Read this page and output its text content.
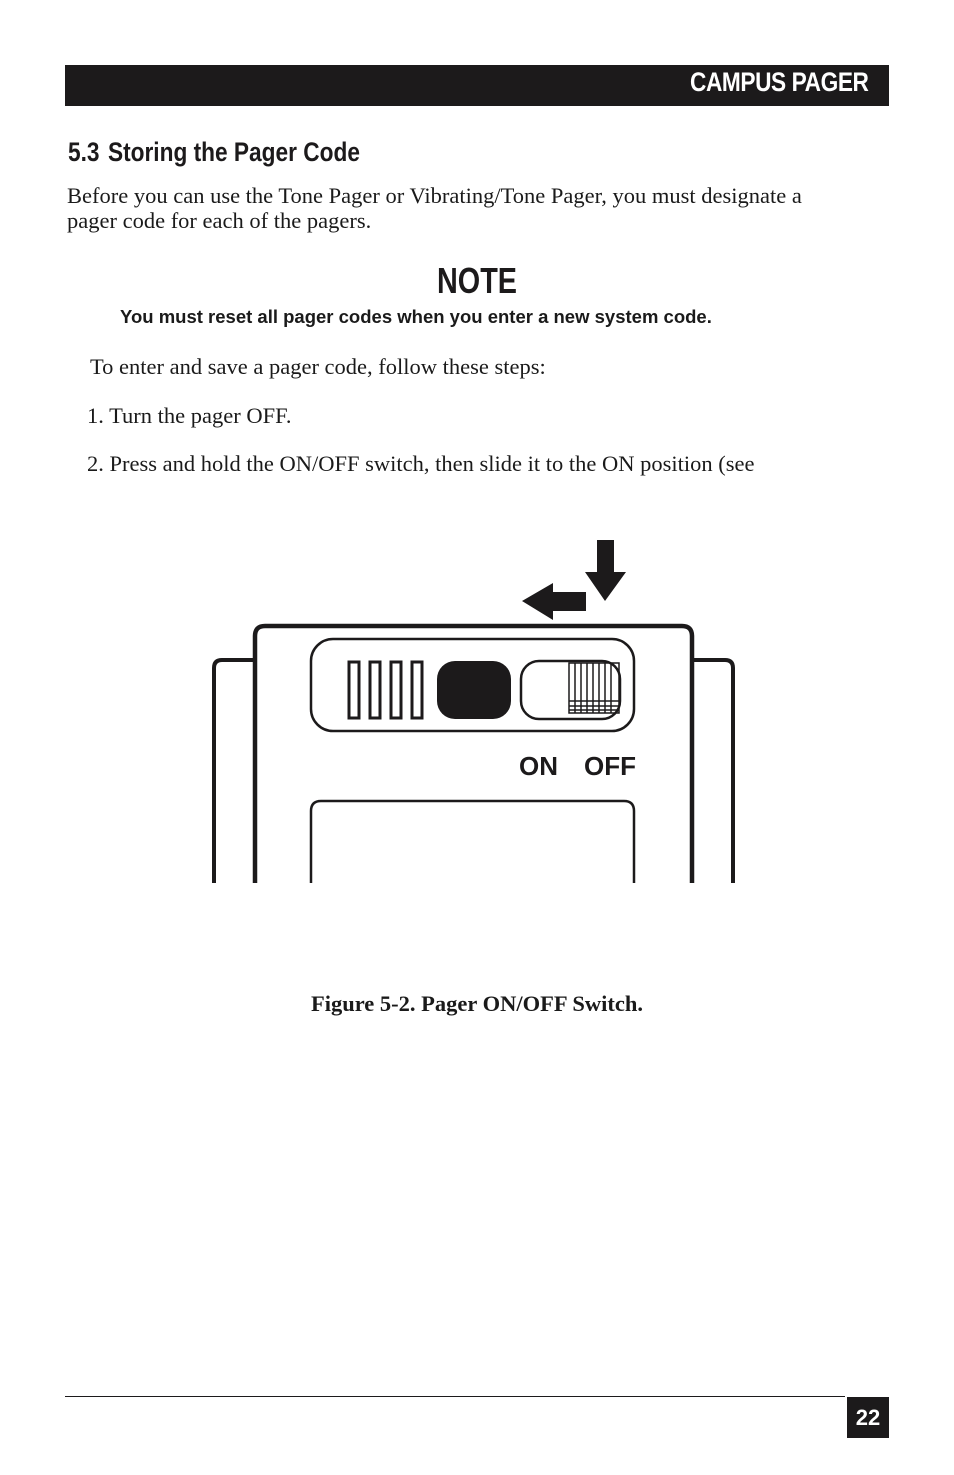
CAMPUS PAGER
5.3 Storing the Pager Code

Before you can use the Tone Pager or Vibrating/Tone Pager, you must designate a pager code for each of the pagers.

NOTE
You must reset all pager codes when you enter a new system code.
To enter and save a pager code, follow these steps:
1. Turn the pager OFF.
2. Press and hold the ON/OFF switch, then slide it to the ON position (see
ON OFF
Figure 5-2. Pager ON/OFF Switch.
22
